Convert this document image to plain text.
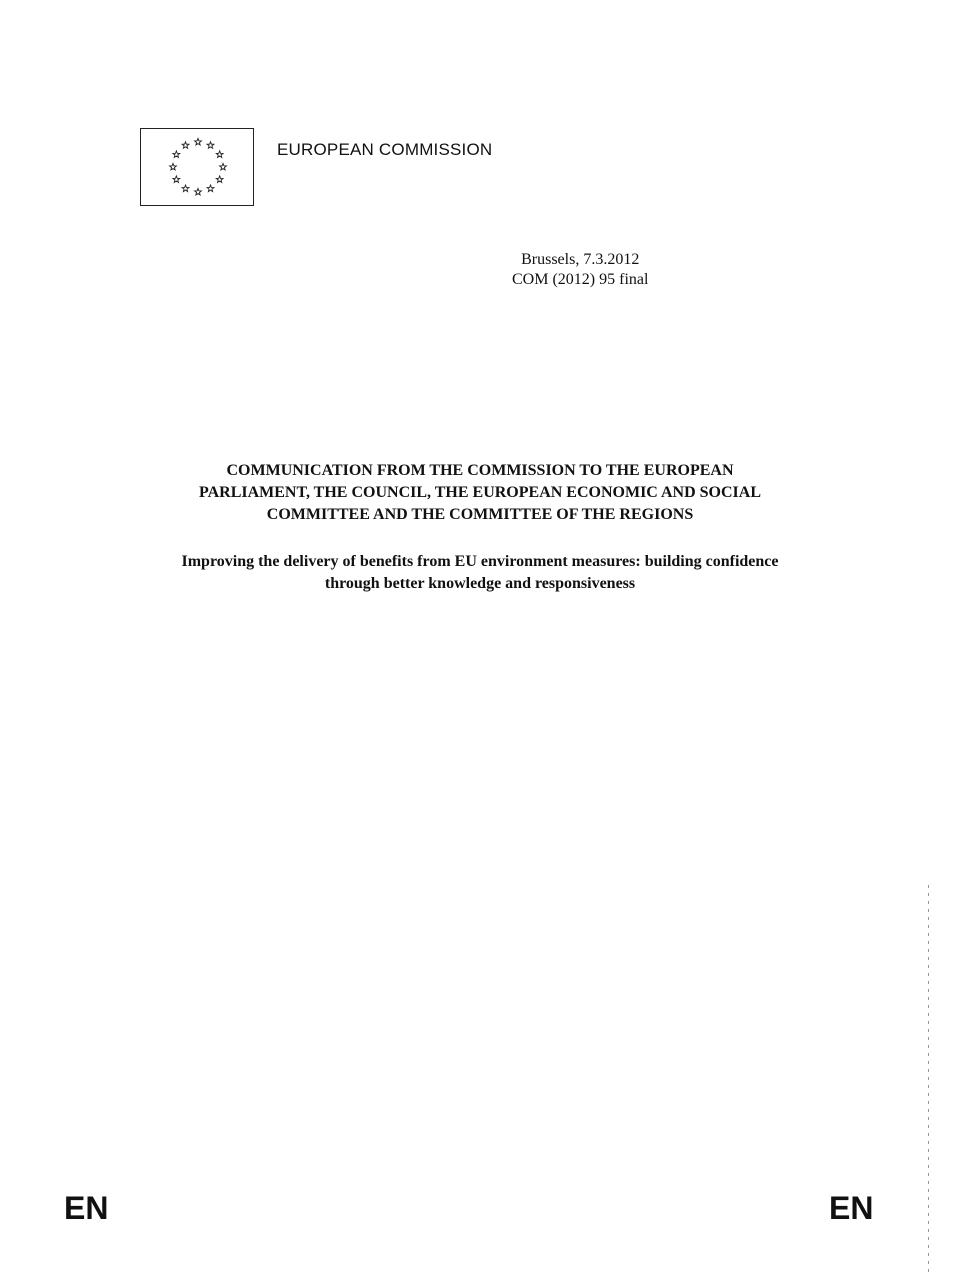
EUROPEAN COMMISSION
Brussels, 7.3.2012
COM (2012) 95 final
COMMUNICATION FROM THE COMMISSION TO THE EUROPEAN
PARLIAMENT, THE COUNCIL, THE EUROPEAN ECONOMIC AND SOCIAL
COMMITTEE AND THE COMMITTEE OF THE REGIONS
Improving the delivery of benefits from EU environment measures: building confidence
through better knowledge and responsiveness
EN	EN
